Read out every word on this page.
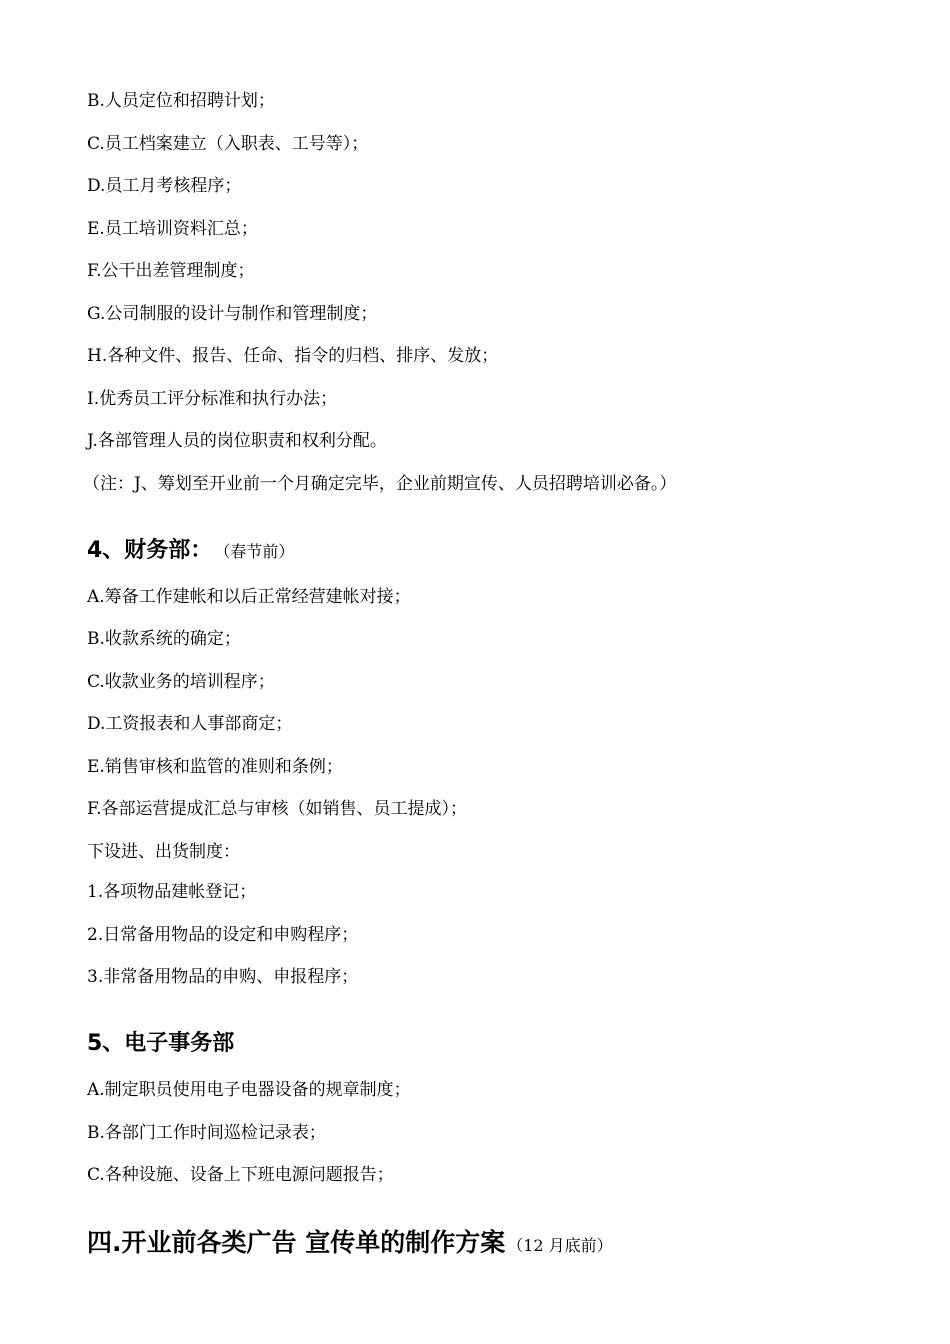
B.人员定位和招聘计划；
C.员工档案建立（入职表、工号等）；
D.员工月考核程序；
E.员工培训资料汇总；
F.公干出差管理制度；
G.公司制服的设计与制作和管理制度；
H.各种文件、报告、任命、指令的归档、排序、发放；
I.优秀员工评分标准和执行办法；
J.各部管理人员的岗位职责和权利分配。
（注：J、筹划至开业前一个月确定完毕，企业前期宣传、人员招聘培训必备。）
4、财务部： （春节前）
A.筹备工作建帐和以后正常经营建帐对接；
B.收款系统的确定；
C.收款业务的培训程序；
D.工资报表和人事部商定；
E.销售审核和监管的准则和条例；
F.各部运营提成汇总与审核（如销售、员工提成）；
下设进、出货制度：
1.各项物品建帐登记；
2.日常备用物品的设定和申购程序；
3.非常备用物品的申购、申报程序；
5、电子事务部
A.制定职员使用电子电器设备的规章制度；
B.各部门工作时间巡检记录表；
C.各种设施、设备上下班电源问题报告；
四.开业前各类广告 宣传单的制作方案 （12 月底前）
